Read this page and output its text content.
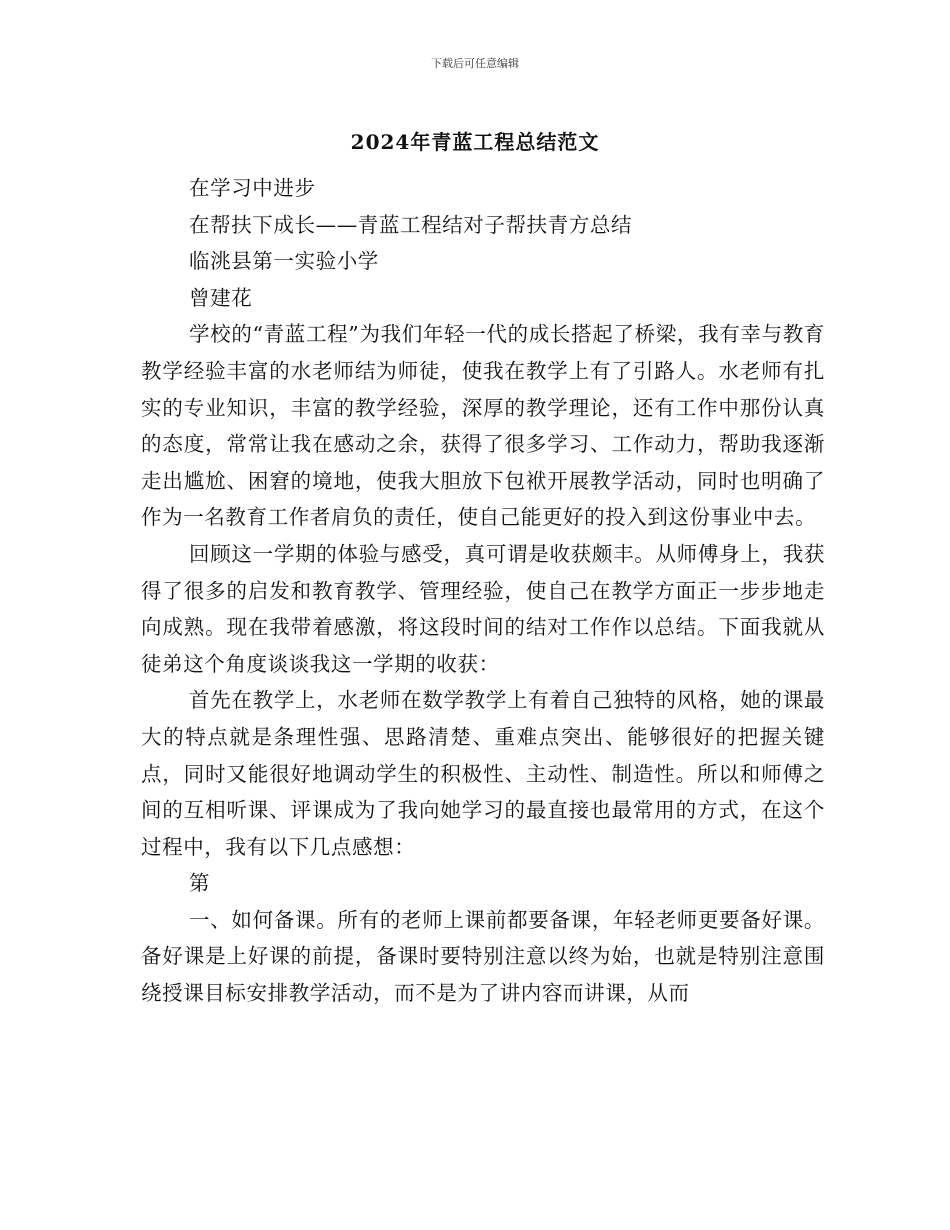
下载后可任意编辑
2024年青蓝工程总结范文

在学习中进步

在帮扶下成长——青蓝工程结对子帮扶青方总结

临洮县第一实验小学

曾建花

学校的“青蓝工程”为我们年轻一代的成长搭起了桥梁，我有幸与教育教学经验丰富的水老师结为师徒，使我在教学上有了引路人。水老师有扎实的专业知识，丰富的教学经验，深厚的教学理论，还有工作中那份认真的态度，常常让我在感动之余，获得了很多学习、工作动力，帮助我逐渐走出尴尬、困窘的境地，使我大胆放下包袱开展教学活动，同时也明确了作为一名教育工作者肩负的责任，使自己能更好的投入到这份事业中去。

回顾这一学期的体验与感受，真可谓是收获颇丰。从师傅身上，我获得了很多的启发和教育教学、管理经验，使自己在教学方面正一步步地走向成熟。现在我带着感激，将这段时间的结对工作作以总结。下面我就从徒弟这个角度谈谈我这一学期的收获：

首先在教学上，水老师在数学教学上有着自己独特的风格，她的课最大的特点就是条理性强、思路清楚、重难点突出、能够很好的把握关键点，同时又能很好地调动学生的积极性、主动性、制造性。所以和师傅之间的互相听课、评课成为了我向她学习的最直接也最常用的方式，在这个过程中，我有以下几点感想：

第

一、如何备课。所有的老师上课前都要备课，年轻老师更要备好课。备好课是上好课的前提，备课时要特别注意以终为始，也就是特别注意围绕授课目标安排教学活动，而不是为了讲内容而讲课，从而
